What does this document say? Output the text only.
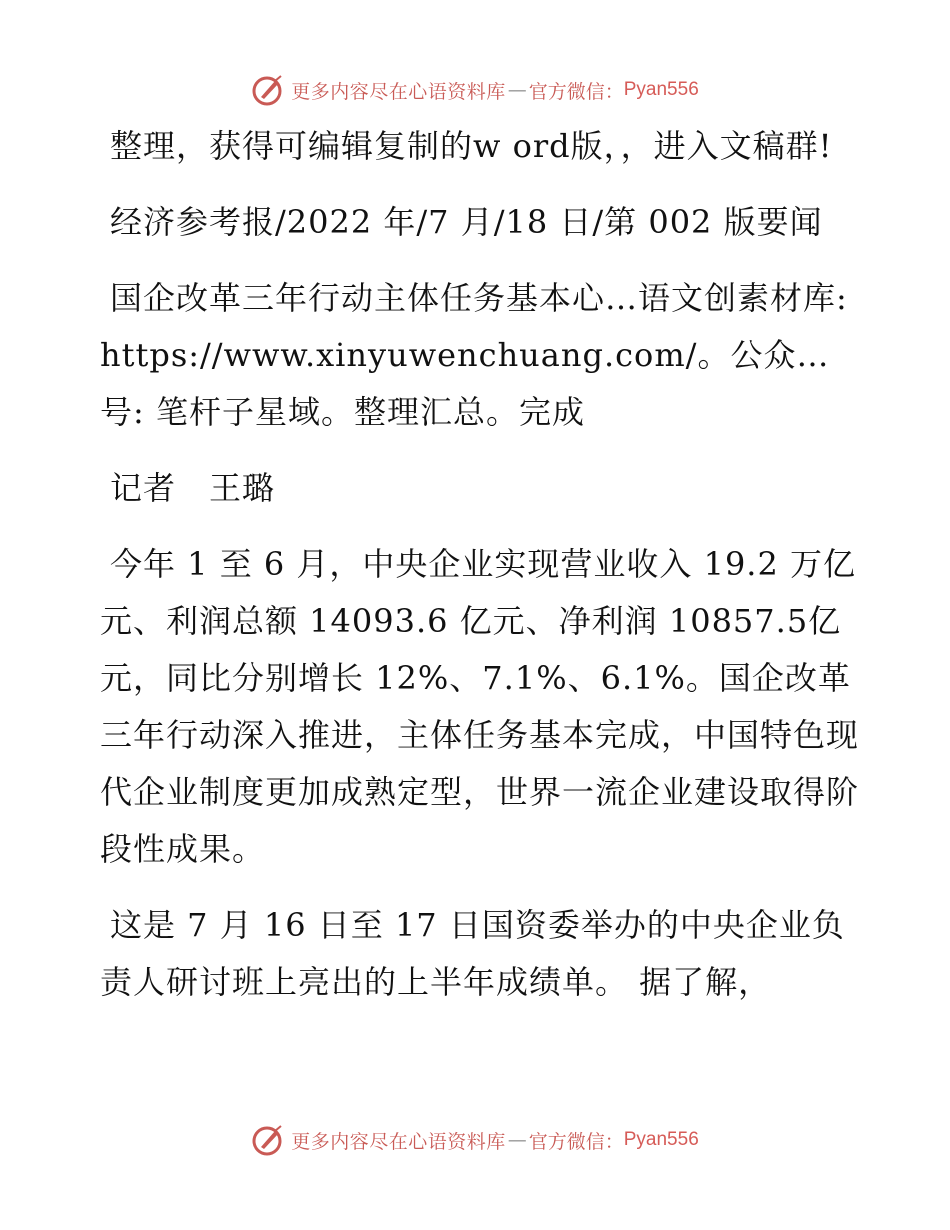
更多内容尽在心语资料库 — 官方微信： Pyan556

整理，获得可编辑复制的w ord版，，进入文稿群!

经济参考报/2022 年/7 月/18 日/第 002 版要闻

国企改革三年行动主体任务基本心…语文创素材库: https://www.xinyuwenchuang.com/。公众…号: 笔杆子星域。整理汇总。完成

记者　王璐

今年 1 至 6 月，中央企业实现营业收入 19.2 万亿元、利润总额 14093.6 亿元、净利润 10857.5亿元，同比分别增长 12%、7.1%、6.1%。国企改革三年行动深入推进，主体任务基本完成，中国特色现代企业制度更加成熟定型，世界一流企业建设取得阶段性成果。

这是 7 月 16 日至 17 日国资委举办的中央企业负责人研讨班上亮出的上半年成绩单。 据了解，

更多内容尽在心语资料库 — 官方微信： Pyan556
